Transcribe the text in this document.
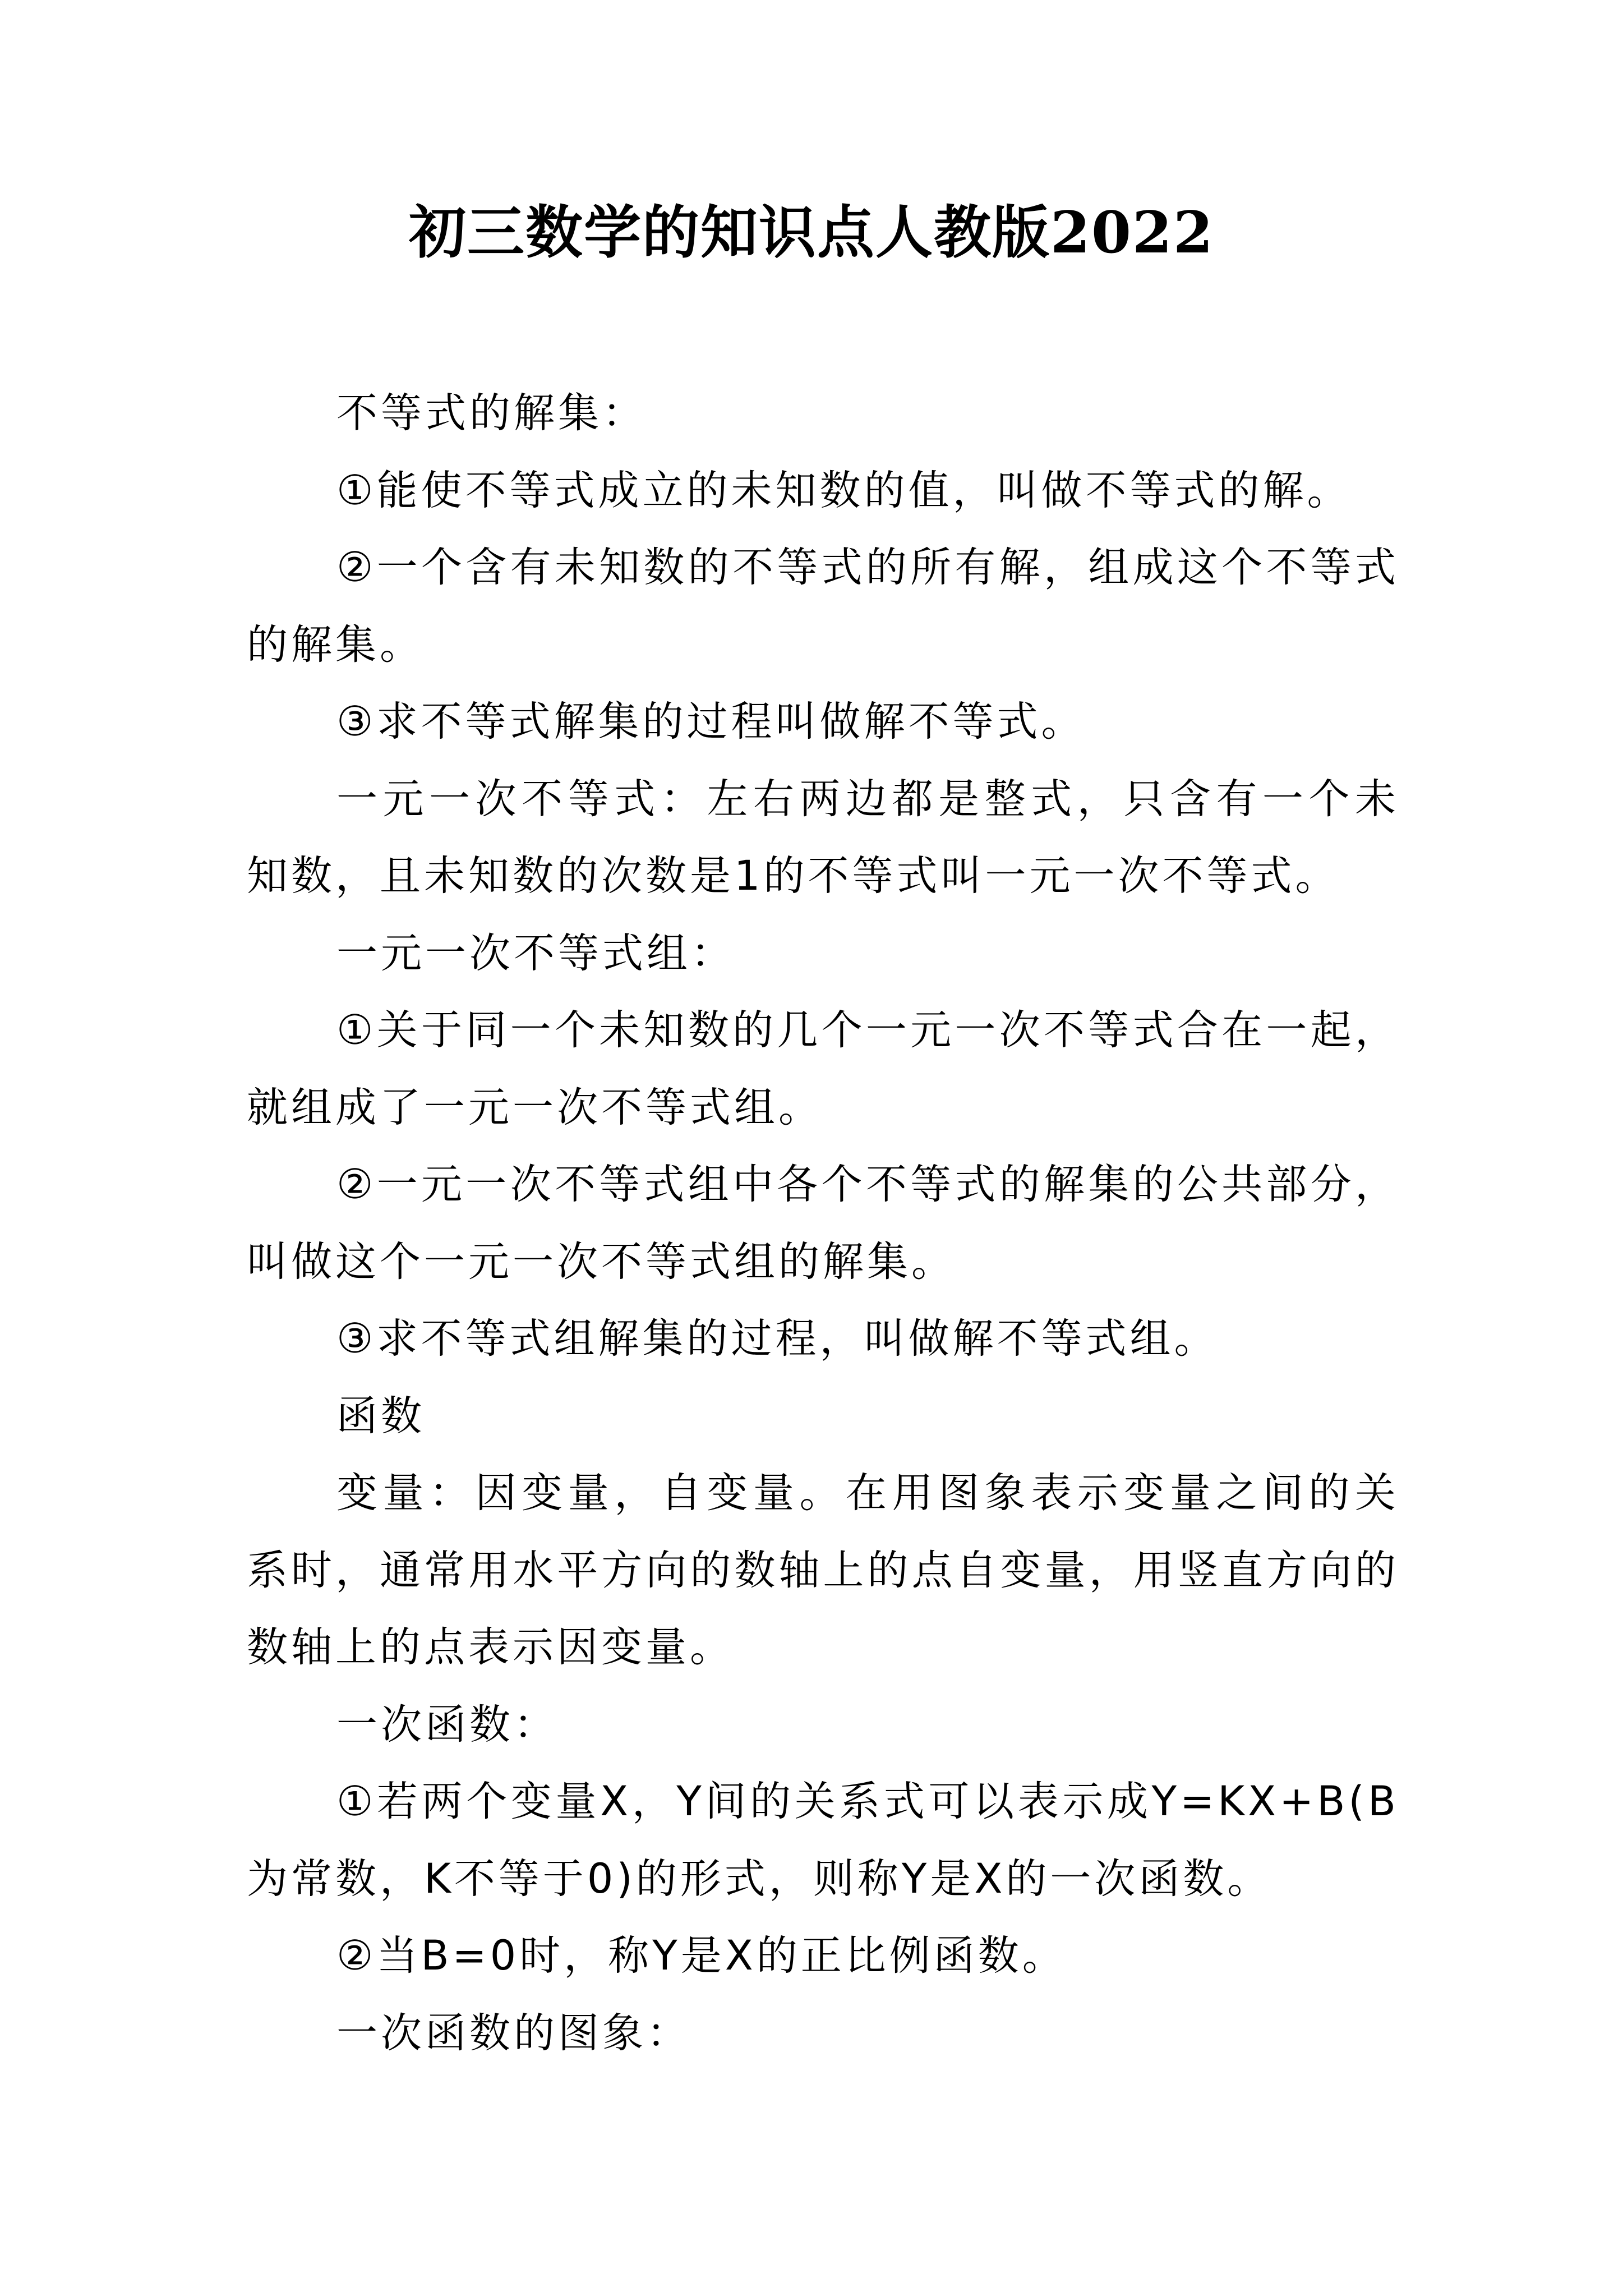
初三数学的知识点人教版2022

不等式的解集：

①能使不等式成立的未知数的值，叫做不等式的解。

②一个含有未知数的不等式的所有解，组成这个不等式的解集。

③求不等式解集的过程叫做解不等式。

一元一次不等式：左右两边都是整式，只含有一个未知数，且未知数的次数是1的不等式叫一元一次不等式。

一元一次不等式组：

①关于同一个未知数的几个一元一次不等式合在一起，就组成了一元一次不等式组。

②一元一次不等式组中各个不等式的解集的公共部分，叫做这个一元一次不等式组的解集。

③求不等式组解集的过程，叫做解不等式组。

函数

变量：因变量，自变量。在用图象表示变量之间的关系时，通常用水平方向的数轴上的点自变量，用竖直方向的数轴上的点表示因变量。

一次函数：

①若两个变量X，Y间的关系式可以表示成Y=KX+B(B为常数，K不等于0)的形式，则称Y是X的一次函数。

②当B=0时，称Y是X的正比例函数。

一次函数的图象：
